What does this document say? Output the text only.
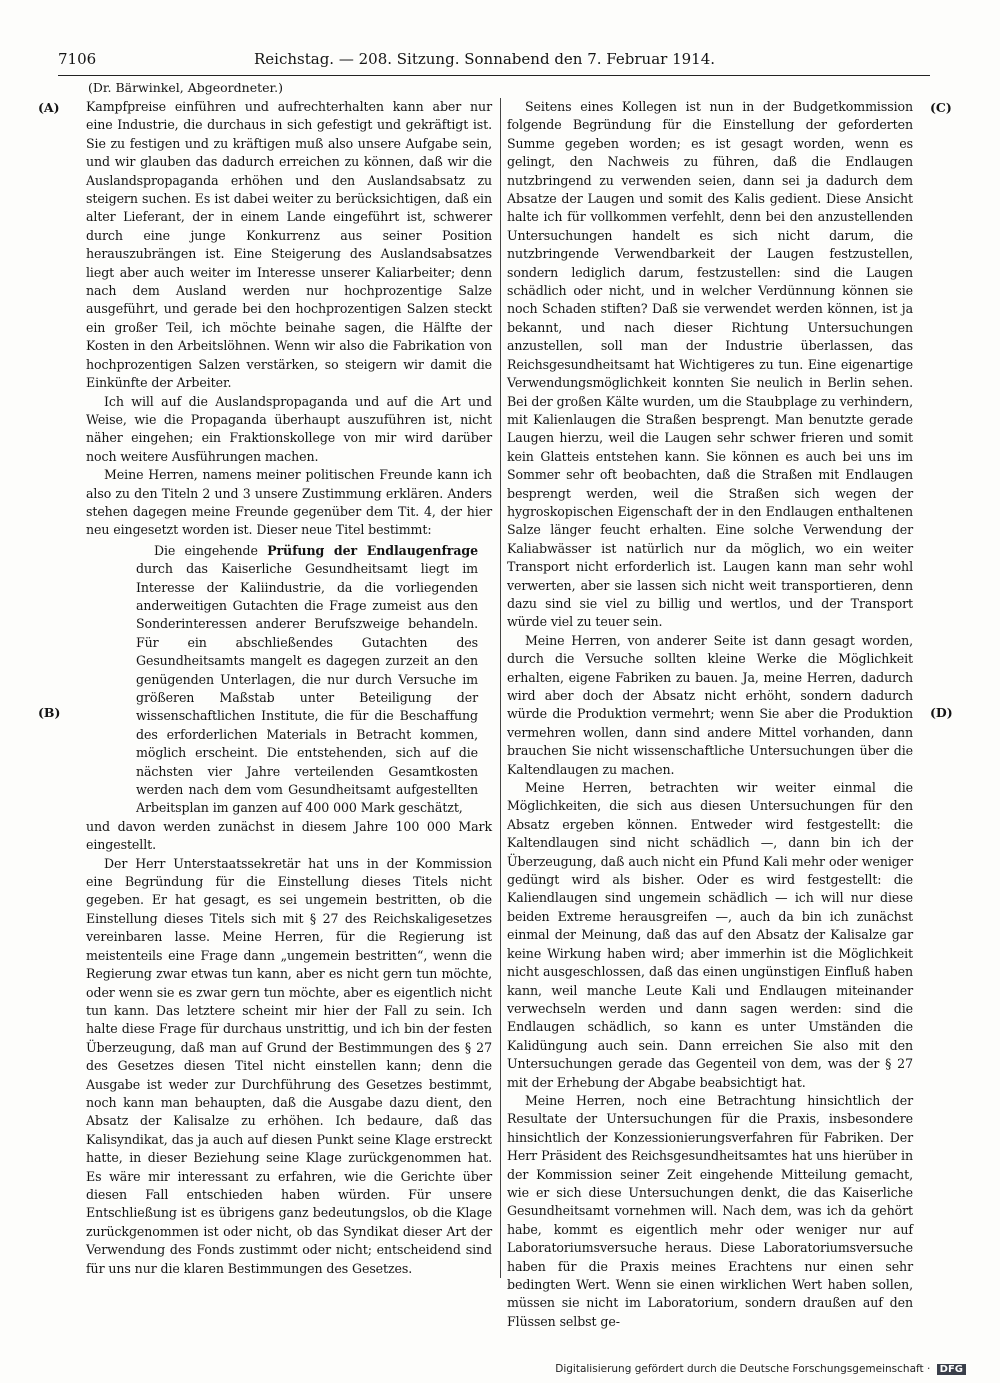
7106	Reichstag. — 208. Sitzung. Sonnabend den 7. Februar 1914.
(Dr. Bärwinkel, Abgeordneter.)
(A)
(B)
(C)
(D)

Kampfpreise einführen und aufrechterhalten kann aber nur eine Industrie, die durchaus in sich gefestigt und gekräftigt ist. Sie zu festigen und zu kräftigen muß also unsere Aufgabe sein, und wir glauben das dadurch erreichen zu können, daß wir die Auslandspropaganda erhöhen und den Auslandsabsatz zu steigern suchen. Es ist dabei weiter zu berücksichtigen, daß ein alter Lieferant, der in einem Lande eingeführt ist, schwerer durch eine junge Konkurrenz aus seiner Position herauszubrängen ist. Eine Steigerung des Auslandsabsatzes liegt aber auch weiter im Interesse unserer Kaliarbeiter; denn nach dem Ausland werden nur hochprozentige Salze ausgeführt, und gerade bei den hochprozentigen Salzen steckt ein großer Teil, ich möchte beinahe sagen, die Hälfte der Kosten in den Arbeitslöhnen. Wenn wir also die Fabrikation von hochprozentigen Salzen verstärken, so steigern wir damit die Einkünfte der Arbeiter.

Ich will auf die Auslandspropaganda und auf die Art und Weise, wie die Propaganda überhaupt auszuführen ist, nicht näher eingehen; ein Fraktionskollege von mir wird darüber noch weitere Ausführungen machen.

Meine Herren, namens meiner politischen Freunde kann ich also zu den Titeln 2 und 3 unsere Zustimmung erklären. Anders stehen dagegen meine Freunde gegenüber dem Tit. 4, der hier neu eingesetzt worden ist. Dieser neue Titel bestimmt:

Die eingehende Prüfung der Endlaugenfrage durch das Kaiserliche Gesundheitsamt liegt im Interesse der Kaliindustrie, da die vorliegenden anderweitigen Gutachten die Frage zumeist aus den Sonderinteressen anderer Berufszweige behandeln. Für ein abschließendes Gutachten des Gesundheitsamts mangelt es dagegen zurzeit an den genügenden Unterlagen, die nur durch Versuche im größeren Maßstab unter Beteiligung der wissenschaftlichen Institute, die für die Beschaffung des erforderlichen Materials in Betracht kommen, möglich erscheint. Die entstehenden, sich auf die nächsten vier Jahre verteilenden Gesamtkosten werden nach dem vom Gesundheitsamt aufgestellten Arbeitsplan im ganzen auf 400 000 Mark geschätzt,

und davon werden zunächst in diesem Jahre 100 000 Mark eingestellt.

Der Herr Unterstaatssekretär hat uns in der Kommission eine Begründung für die Einstellung dieses Titels nicht gegeben. Er hat gesagt, es sei ungemein bestritten, ob die Einstellung dieses Titels sich mit § 27 des Reichskaligesetzes vereinbaren lasse. Meine Herren, für die Regierung ist meistenteils eine Frage dann „ungemein bestritten“, wenn die Regierung zwar etwas tun kann, aber es nicht gern tun möchte, oder wenn sie es zwar gern tun möchte, aber es eigentlich nicht tun kann. Das letztere scheint mir hier der Fall zu sein. Ich halte diese Frage für durchaus unstrittig, und ich bin der festen Überzeugung, daß man auf Grund der Bestimmungen des § 27 des Gesetzes diesen Titel nicht einstellen kann; denn die Ausgabe ist weder zur Durchführung des Gesetzes bestimmt, noch kann man behaupten, daß die Ausgabe dazu dient, den Absatz der Kalisalze zu erhöhen. Ich bedaure, daß das Kalisyndikat, das ja auch auf diesen Punkt seine Klage erstreckt hatte, in dieser Beziehung seine Klage zurückgenommen hat. Es wäre mir interessant zu erfahren, wie die Gerichte über diesen Fall entschieden haben würden. Für unsere Entschließung ist es übrigens ganz bedeutungslos, ob die Klage zurückgenommen ist oder nicht, ob das Syndikat dieser Art der Verwendung des Fonds zustimmt oder nicht; entscheidend sind für uns nur die klaren Bestimmungen des Gesetzes.

Seitens eines Kollegen ist nun in der Budgetkommission folgende Begründung für die Einstellung der geforderten Summe gegeben worden; es ist gesagt worden, wenn es gelingt, den Nachweis zu führen, daß die Endlaugen nutzbringend zu verwenden seien, dann sei ja dadurch dem Absatze der Laugen und somit des Kalis gedient. Diese Ansicht halte ich für vollkommen verfehlt, denn bei den anzustellenden Untersuchungen handelt es sich nicht darum, die nutzbringende Verwendbarkeit der Laugen festzustellen, sondern lediglich darum, festzustellen: sind die Laugen schädlich oder nicht, und in welcher Verdünnung können sie noch Schaden stiften? Daß sie verwendet werden können, ist ja bekannt, und nach dieser Richtung Untersuchungen anzustellen, soll man der Industrie überlassen, das Reichsgesundheitsamt hat Wichtigeres zu tun. Eine eigenartige Verwendungsmöglichkeit konnten Sie neulich in Berlin sehen. Bei der großen Kälte wurden, um die Staubplage zu verhindern, mit Kalienlaugen die Straßen besprengt. Man benutzte gerade Laugen hierzu, weil die Laugen sehr schwer frieren und somit kein Glatteis entstehen kann. Sie können es auch bei uns im Sommer sehr oft beobachten, daß die Straßen mit Endlaugen besprengt werden, weil die Straßen sich wegen der hygroskopischen Eigenschaft der in den Endlaugen enthaltenen Salze länger feucht erhalten. Eine solche Verwendung der Kaliabwässer ist natürlich nur da möglich, wo ein weiter Transport nicht erforderlich ist. Laugen kann man sehr wohl verwerten, aber sie lassen sich nicht weit transportieren, denn dazu sind sie viel zu billig und wertlos, und der Transport würde viel zu teuer sein.

Meine Herren, von anderer Seite ist dann gesagt worden, durch die Versuche sollten kleine Werke die Möglichkeit erhalten, eigene Fabriken zu bauen. Ja, meine Herren, dadurch wird aber doch der Absatz nicht erhöht, sondern dadurch würde die Produktion vermehrt; wenn Sie aber die Produktion vermehren wollen, dann sind andere Mittel vorhanden, dann brauchen Sie nicht wissenschaftliche Untersuchungen über die Kaltendlaugen zu machen.

Meine Herren, betrachten wir weiter einmal die Möglichkeiten, die sich aus diesen Untersuchungen für den Absatz ergeben können. Entweder wird festgestellt: die Kaltendlaugen sind nicht schädlich —, dann bin ich der Überzeugung, daß auch nicht ein Pfund Kali mehr oder weniger gedüngt wird als bisher. Oder es wird festgestellt: die Kaliendlaugen sind ungemein schädlich — ich will nur diese beiden Extreme herausgreifen —, auch da bin ich zunächst einmal der Meinung, daß das auf den Absatz der Kalisalze gar keine Wirkung haben wird; aber immerhin ist die Möglichkeit nicht ausgeschlossen, daß das einen ungünstigen Einfluß haben kann, weil manche Leute Kali und Endlaugen miteinander verwechseln werden und dann sagen werden: sind die Endlaugen schädlich, so kann es unter Umständen die Kalidüngung auch sein. Dann erreichen Sie also mit den Untersuchungen gerade das Gegenteil von dem, was der § 27 mit der Erhebung der Abgabe beabsichtigt hat.

Meine Herren, noch eine Betrachtung hinsichtlich der Resultate der Untersuchungen für die Praxis, insbesondere hinsichtlich der Konzessionierungsverfahren für Fabriken. Der Herr Präsident des Reichsgesundheitsamtes hat uns hierüber in der Kommission seiner Zeit eingehende Mitteilung gemacht, wie er sich diese Untersuchungen denkt, die das Kaiserliche Gesundheitsamt vornehmen will. Nach dem, was ich da gehört habe, kommt es eigentlich mehr oder weniger nur auf Laboratoriumsversuche heraus. Diese Laboratoriumsversuche haben für die Praxis meines Erachtens nur einen sehr bedingten Wert. Wenn sie einen wirklichen Wert haben sollen, müssen sie nicht im Laboratorium, sondern draußen auf den Flüssen selbst ge-

Digitalisierung gefördert durch die Deutsche Forschungsgemeinschaft · DFG
